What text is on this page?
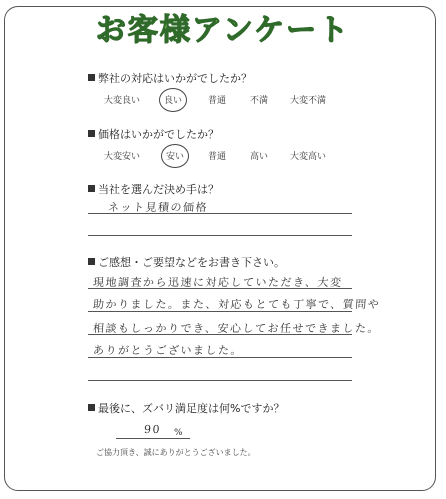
お客様アンケート
弊社の対応はいかがでしたか？
大変良い	良い	普通	不満 大変不満
価格はいかがでしたか？
大変安い	安い	普通	高い 大変高い
当社を選んだ決め手は？
ネット見積の価格
ご感想・ご要望などをお書き下さい。
現地調査から迅速に対応していただき、大変
助かりました。また、対応もとても丁寧で、質問や
相談もしっかりでき、安心してお任せできました。
ありがとうございました。
最後に、ズバリ満足度は何%ですか？
90 %
ご協力頂き、誠にありがとうございました。
